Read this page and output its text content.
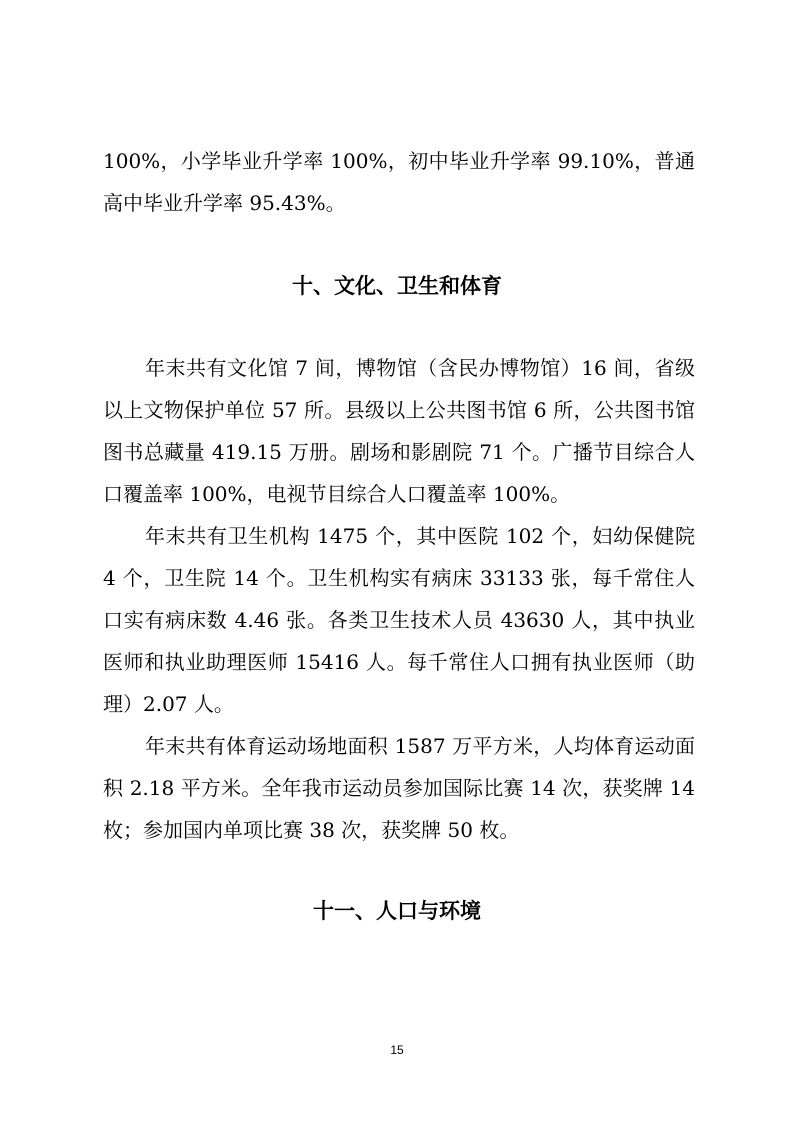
100%，小学毕业升学率 100%，初中毕业升学率 99.10%，普通高中毕业升学率 95.43%。

十、文化、卫生和体育

年末共有文化馆 7 间，博物馆（含民办博物馆）16 间，省级以上文物保护单位 57 所。县级以上公共图书馆 6 所，公共图书馆图书总藏量 419.15 万册。剧场和影剧院 71 个。广播节目综合人口覆盖率 100%，电视节目综合人口覆盖率 100%。

年末共有卫生机构 1475 个，其中医院 102 个，妇幼保健院 4 个，卫生院 14 个。卫生机构实有病床 33133 张，每千常住人口实有病床数 4.46 张。各类卫生技术人员 43630 人，其中执业医师和执业助理医师 15416 人。每千常住人口拥有执业医师（助理）2.07 人。

年末共有体育运动场地面积 1587 万平方米，人均体育运动面积 2.18 平方米。全年我市运动员参加国际比赛 14 次，获奖牌 14 枚；参加国内单项比赛 38 次，获奖牌 50 枚。

十一、人口与环境
15
